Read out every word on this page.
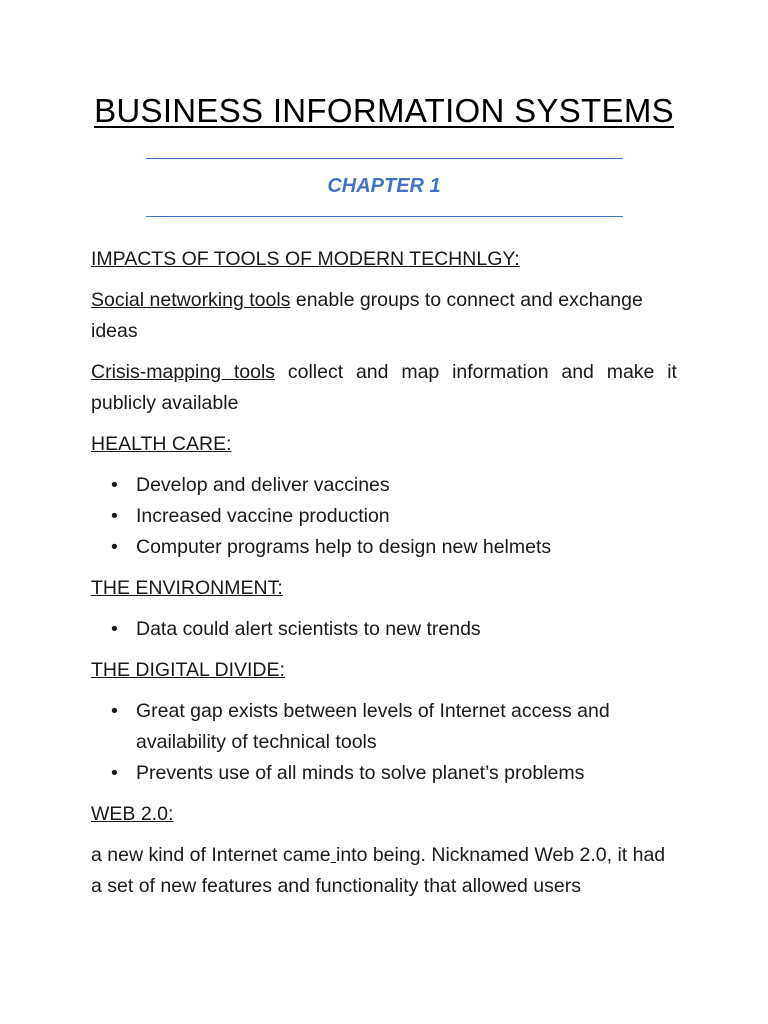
BUSINESS INFORMATION SYSTEMS
CHAPTER 1
IMPACTS OF TOOLS OF MODERN TECHNLGY:

Social networking tools enable groups to connect and exchange ideas

Crisis-mapping tools collect and map information and make it publicly available

HEALTH CARE:
• Develop and deliver vaccines
• Increased vaccine production
• Computer programs help to design new helmets
THE ENVIRONMENT:
• Data could alert scientists to new trends
THE DIGITAL DIVIDE:
• Great gap exists between levels of Internet access and availability of technical tools
• Prevents use of all minds to solve planet’s problems
WEB 2.0:

a new kind of Internet came into being. Nicknamed Web 2.0, it had a set of new features and functionality that allowed users
